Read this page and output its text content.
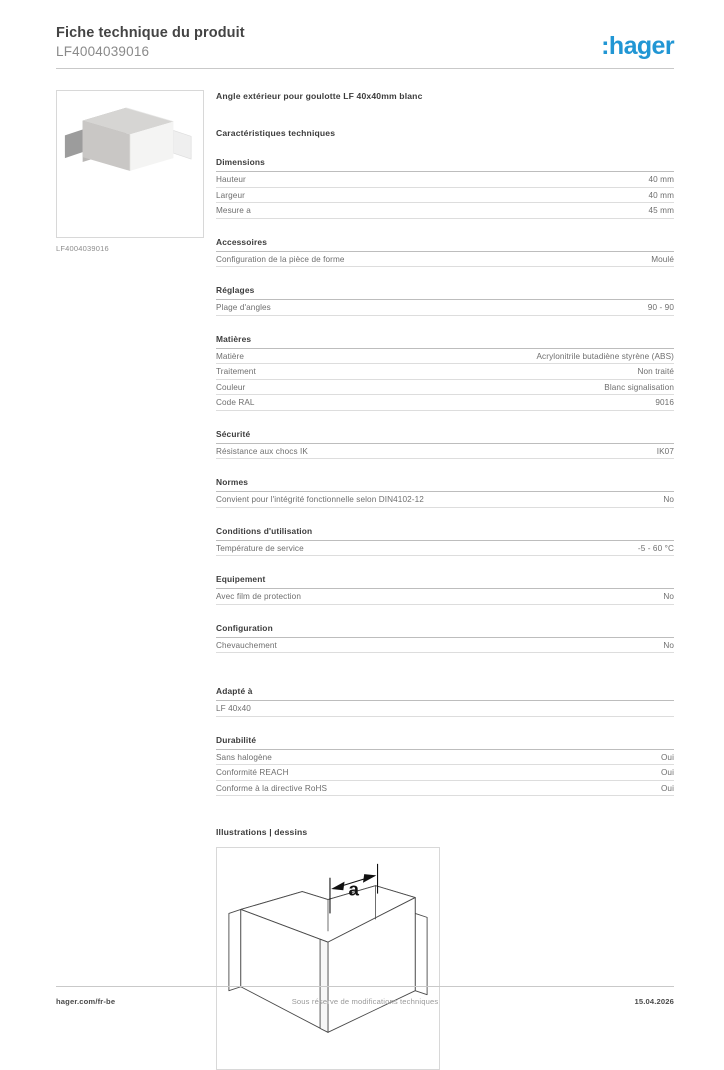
Fiche technique du produit
LF4004039016	:hager
LF4004039016
Angle extérieur pour goulotte LF 40x40mm blanc
Caractéristiques techniques
Dimensions
Hauteur	40 mm
Largeur	40 mm
Mesure a	45 mm
Accessoires
Configuration de la pièce de forme	Moulé
Réglages
Plage d'angles	90 - 90
Matières
Matière	Acrylonitrile butadiène styrène (ABS)
Traitement	Non traité
Couleur	Blanc signalisation
Code RAL	9016
Sécurité
Résistance aux chocs IK	IK07
Normes
Convient pour l'intégrité fonctionnelle selon DIN4102-12	No
Conditions d'utilisation
Température de service	-5 - 60 °C
Equipement
Avec film de protection	No
Configuration
Chevauchement	No
Adapté à
LF 40x40
Durabilité
Sans halogène	Oui
Conformité REACH	Oui
Conforme à la directive RoHS	Oui
Illustrations | dessins
a
hager.com/fr-be	Sous réserve de modifications techniques	15.04.2026
